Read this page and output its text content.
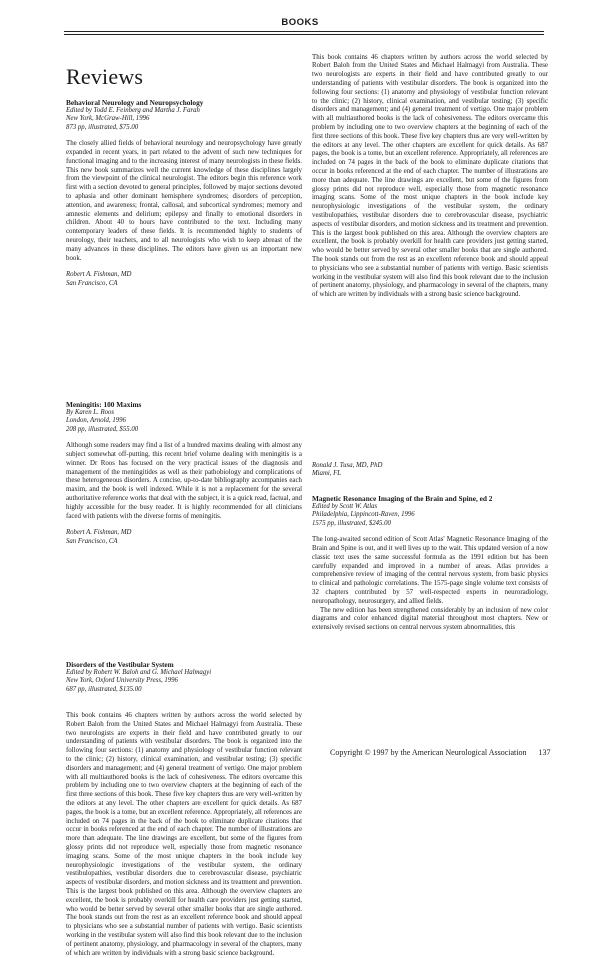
BOOKS
Reviews
Behavioral Neurology and Neuropsychology
Edited by Todd E. Feinberg and Martha J. Farah
New York, McGraw-Hill, 1996
873 pp, illustrated, $75.00

The closely allied fields of behavioral neurology and neuropsychology have greatly expanded in recent years, in part related to the advent of such new techniques for functional imaging and to the increasing interest of many neurologists in these fields. This new book summarizes well the current knowledge of these disciplines largely from the viewpoint of the clinical neurologist. The editors begin this reference work first with a section devoted to general principles, followed by major sections devoted to aphasia and other dominant hemisphere syndromes; disorders of perception, attention, and awareness; frontal, callosal, and subcortical syndromes; memory and amnestic elements and delirium; epilepsy and finally to emotional disorders in children. About 40 to hours have contributed to the text. Including many contemporary leaders of these fields. It is recommended highly to students of neurology, their teachers, and to all neurologists who wish to keep abreast of the many advances in these disciplines. The editors have given us an important new book.

Robert A. Fishman, MD
San Francisco, CA
Meningitis: 100 Maxims
By Karen L. Roos
London, Arnold, 1996
208 pp, illustrated, $55.00

Although some readers may find a list of a hundred maxims dealing with almost any subject somewhat off-putting, this recent brief volume dealing with meningitis is a winner. Dr Roos has focused on the very practical issues of the diagnosis and management of the meningitides as well as their pathobiology and complications of these heterogeneous disorders. A concise, up-to-date bibliography accompanies each maxim, and the book is well indexed. While it is not a replacement for the several authoritative reference works that deal with the subject, it is a quick read, factual, and highly accessible for the busy reader. It is highly recommended for all clinicians faced with patients with the diverse forms of meningitis.

Robert A. Fishman, MD
San Francisco, CA
Disorders of the Vestibular System
Edited by Robert W. Baloh and G. Michael Halmagyi
New York, Oxford University Press, 1996
687 pp, illustrated, $135.00
This book contains 46 chapters written by authors across the world selected by Robert Baloh from the United States and Michael Halmagyi from Australia. These two neurologists are experts in their field and have contributed greatly to our understanding of patients with vestibular disorders. The book is organized into the following four sections: (1) anatomy and physiology of vestibular function relevant to the clinic; (2) history, clinical examination, and vestibular testing; (3) specific disorders and management; and (4) general treatment of vertigo. One major problem with all multiauthored books is the lack of cohesiveness. The editors overcame this problem by including one to two overview chapters at the beginning of each of the first three sections of this book. These five key chapters thus are very well-written by the editors at any level. The other chapters are excellent for quick details. As 687 pages, the book is a tome, but an excellent reference. Appropriately, all references are included on 74 pages in the back of the book to eliminate duplicate citations that occur in books referenced at the end of each chapter. The number of illustrations are more than adequate. The line drawings are excellent, but some of the figures from glossy prints did not reproduce well, especially those from magnetic resonance imaging scans. Some of the most unique chapters in the book include key neurophysiologic investigations of the vestibular system, the ordinary vestibulopathies, vestibular disorders due to cerebrovascular disease, psychiatric aspects of vestibular disorders, and motion sickness and its treatment and prevention. This is the largest book published on this area. Although the overview chapters are excellent, the book is probably overkill for health care providers just getting started, who would be better served by several other smaller books that are single authored. The book stands out from the rest as an excellent reference book and should appeal to physicians who see a substantial number of patients with vertigo. Basic scientists working in the vestibular system will also find this book relevant due to the inclusion of pertinent anatomy, physiology, and pharmacology in several of the chapters, many of which are written by individuals with a strong basic science background.
This book contains 46 chapters written by authors across the world selected by Robert Baloh from the United States and Michael Halmagyi from Australia. These two neurologists are experts in their field and have contributed greatly to our understanding of patients with vestibular disorders. The book is organized into the following four sections: (1) anatomy and physiology of vestibular function relevant to the clinic; (2) history, clinical examination, and vestibular testing; (3) specific disorders and management; and (4) general treatment of vertigo. One major problem with all multiauthored books is the lack of cohesiveness. The editors overcame this problem by including one to two overview chapters at the beginning of each of the first three sections of this book. These five key chapters thus are very well-written by the editors at any level. The other chapters are excellent for quick details. As 687 pages, the book is a tome, but an excellent reference. Appropriately, all references are included on 74 pages in the back of the book to eliminate duplicate citations that occur in books referenced at the end of each chapter. The number of illustrations are more than adequate. The line drawings are excellent, but some of the figures from glossy prints did not reproduce well, especially those from magnetic resonance imaging scans. Some of the most unique chapters in the book include key neurophysiologic investigations of the vestibular system, the ordinary vestibulopathies, vestibular disorders due to cerebrovascular disease, psychiatric aspects of vestibular disorders, and motion sickness and its treatment and prevention. This is the largest book published on this area. Although the overview chapters are excellent, the book is probably overkill for health care providers just getting started, who would be better served by several other smaller books that are single authored. The book stands out from the rest as an excellent reference book and should appeal to physicians who see a substantial number of patients with vertigo. Basic scientists working in the vestibular system will also find this book relevant due to the inclusion of pertinent anatomy, physiology, and pharmacology in several of the chapters, many of which are written by individuals with a strong basic science background.
Ronald J. Tusa, MD, PhD
Miami, FL
Magnetic Resonance Imaging of the Brain and Spine, ed 2
Edited by Scott W. Atlas
Philadelphia, Lippincott-Raven, 1996
1575 pp, illustrated, $245.00

The long-awaited second edition of Scott Atlas' Magnetic Resonance Imaging of the Brain and Spine is out, and it well lives up to the wait. This updated version of a now classic text uses the same successful formula as the 1991 edition but has been carefully expanded and improved in a number of areas. Atlas provides a comprehensive review of imaging of the central nervous system, from basic physics to clinical and pathologic correlations. The 1575-page single volume text consists of 32 chapters contributed by 57 well-respected experts in neuroradiology, neuropathology, neurosurgery, and allied fields.

The new edition has been strengthened considerably by an inclusion of new color diagrams and color enhanced digital material throughout most chapters. New or extensively revised sections on central nervous system abnormalities, this

Copyright © 1997 by the American Neurological Association 137
